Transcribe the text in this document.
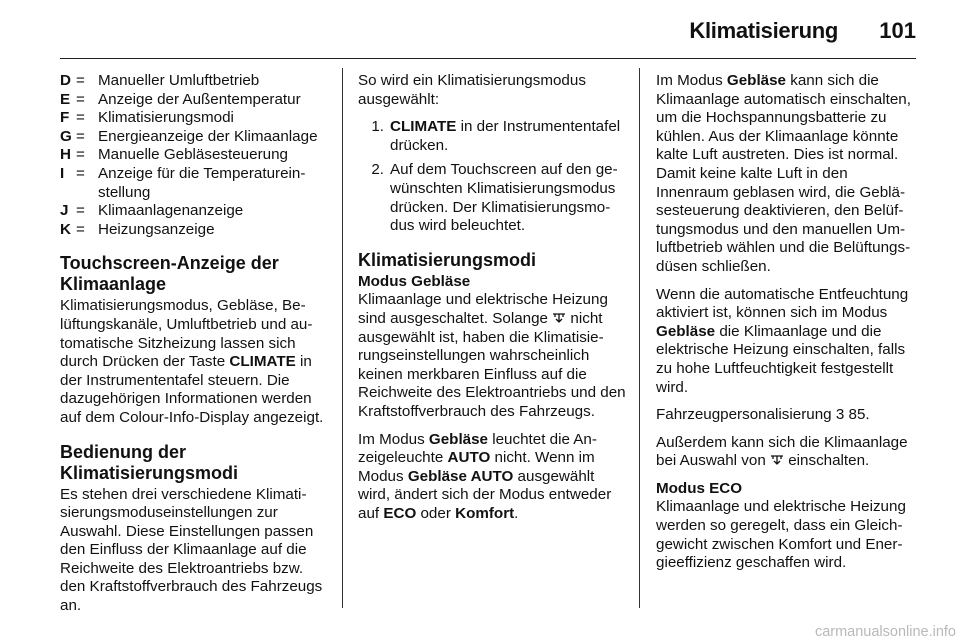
Klimatisierung 101
D = Manueller Umluftbetrieb
E = Anzeige der Außentemperatur
F = Klimatisierungsmodi
G = Energieanzeige der Klimaanlage
H = Manuelle Gebläsesteuerung
I = Anzeige für die Temperatureinstellung
J = Klimaanlagenanzeige
K = Heizungsanzeige
Touchscreen-Anzeige der Klimaanlage

Klimatisierungsmodus, Gebläse, Belüftungskanäle, Umluftbetrieb und automatische Sitzheizung lassen sich durch Drücken der Taste CLIMATE in der Instrumententafel steuern. Die dazugehörigen Informationen werden auf dem Colour-Info-Display angezeigt.

Bedienung der Klimatisierungsmodi

Es stehen drei verschiedene Klimatisierungsmoduseinstellungen zur Auswahl. Diese Einstellungen passen den Einfluss der Klimaanlage auf die Reichweite des Elektroantriebs bzw. den Kraftstoffverbrauch des Fahrzeugs an.

So wird ein Klimatisierungsmodus ausgewählt:

1. CLIMATE in der Instrumententafel drücken.
2. Auf dem Touchscreen auf den gewünschten Klimatisierungsmodus drücken. Der Klimatisierungsmodus wird beleuchtet.
Klimatisierungsmodi
Modus Gebläse

Klimaanlage und elektrische Heizung sind ausgeschaltet. Solange  nicht ausgewählt ist, haben die Klimatisierungseinstellungen wahrscheinlich keinen merkbaren Einfluss auf die Reichweite des Elektroantriebs und den Kraftstoffverbrauch des Fahrzeugs.

Im Modus Gebläse leuchtet die Anzeigeleuchte AUTO nicht. Wenn im Modus Gebläse AUTO ausgewählt wird, ändert sich der Modus entweder auf ECO oder Komfort.

Im Modus Gebläse kann sich die Klimaanlage automatisch einschalten, um die Hochspannungsbatterie zu kühlen. Aus der Klimaanlage könnte kalte Luft austreten. Dies ist normal. Damit keine kalte Luft in den Innenraum geblasen wird, die Gebläsesteuerung deaktivieren, den Belüftungsmodus und den manuellen Umluftbetrieb wählen und die Belüftungsdüsen schließen.

Wenn die automatische Entfeuchtung aktiviert ist, können sich im Modus Gebläse die Klimaanlage und die elektrische Heizung einschalten, falls zu hohe Luftfeuchtigkeit festgestellt wird.

Fahrzeugpersonalisierung 3 85.

Außerdem kann sich die Klimaanlage bei Auswahl von  einschalten.

Modus ECO

Klimaanlage und elektrische Heizung werden so geregelt, dass ein Gleichgewicht zwischen Komfort und Energieeffizienz geschaffen wird.

carmanualsonline.info
